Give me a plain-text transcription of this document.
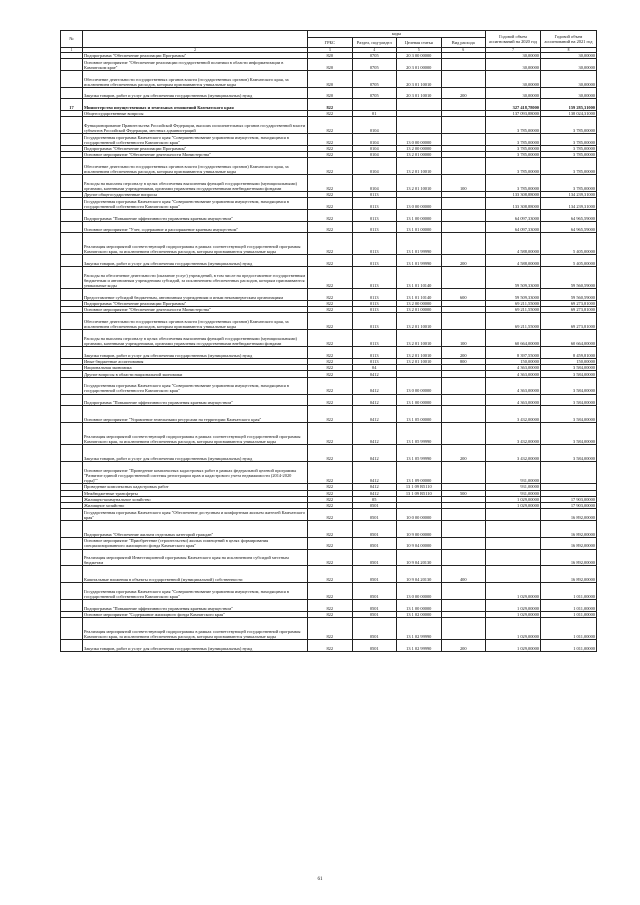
№		коды				Годовой объем ассигнований на 2020 год	Годовой объем ассигнований на 2021 год
		ГРБС	Раздел, под-раздел	Целевая статья	Вид расхода		
1	2	3	4	5	6	7	8
	Подпрограмма "Обеспечение реализации Программы"	820	0705	20 3 00 00000		30,00000	30,00000
	Основное мероприятие "Обеспечение реализации государственной политики в области информатизации в Камчатском крае"	820	0705	20 3 01 00000		30,00000	30,00000
	Обеспечение деятельности государственных органов власти (государственных органов) Камчатского края, за исключением обеспеченных расходов, которым присваиваются уникальные коды	820	0705	20 3 01 10010		30,00000	30,00000
	Закупка товаров, работ и услуг для обеспечения государственных (муниципальных) нужд	820	0705	20 3 01 10010	200	30,00000	30,00000
17	Министерство имущественных и земельных отношений Камчатского края	822				327 418,78000	159 285,31000
	Общегосударственные вопросы	822	01			137 093,88000	138 024,31000
	Функционирование Правительства Российской Федерации, высших исполнительных органов государственной власти субъектов Российской Федерации, местных администраций	822	0104			3 785,00000	3 785,00000
	Государственная программа Камчатского края "Совершенствование управления имуществом, находящимся в государственной собственности Камчатского края"	822	0104	13 0 00 00000		3 785,00000	3 785,00000
	Подпрограмма "Обеспечение реализации Программы"	822	0104	13 2 00 00000		3 785,00000	3 785,00000
	Основное мероприятие "Обеспечение деятельности Министерства"	822	0104	13 2 01 00000		3 785,00000	3 785,00000
	Обеспечение деятельности государственных органов власти (государственных органов) Камчатского края, за исключением обеспеченных расходов, которым присваиваются уникальные коды	822	0104	13 2 01 10010		3 785,00000	3 785,00000
	Расходы на выплаты персоналу в целях обеспечения выполнения функций государственными (муниципальными) органами, казенными учреждениями, органами управления государственными внебюджетными фондами	822	0104	13 2 01 10010	100	3 785,00000	3 785,00000
	Другие общегосударственные вопросы	822	0113			133 308,88000	134 239,31000
	Государственная программа Камчатского края "Совершенствование управления имуществом, находящимся в государственной собственности Камчатского края"	822	0113	13 0 00 00000		133 308,88000	134 239,31000
	Подпрограмма "Повышение эффективности управления краевым имуществом"	822	0113	13 1 00 00000		64 097,33000	64 965,59000
	Основное мероприятие "Учет, содержание и распоряжение краевым имуществом"	822	0113	13 1 01 00000		64 097,33000	64 965,59000
	Реализация мероприятий соответствующей подпрограммы в рамках соответствующей государственной программы Камчатского края, за исключением обеспеченных расходов, которым присваиваются уникальные коды	822	0113	13 1 01 99990		4 588,00000	5 405,00000
	Закупка товаров, работ и услуг для обеспечения государственных (муниципальных) нужд	822	0113	13 1 01 99990	200	4 588,00000	5 405,00000
	Расходы на обеспечение деятельности (оказание услуг) учреждений, в том числе на предоставление государственным бюджетным и автономным учреждениям субсидий, за исключением обеспеченных расходов, которым присваиваются уникальные коды	822	0113	13 1 01 10140		59 509,33000	59 560,59000
	Предоставление субсидий бюджетным, автономным учреждениям и иным некоммерческим организациям	822	0113	13 1 01 10140	600	59 509,33000	59 560,59000
	Подпрограмма "Обеспечение реализации Программы"	822	0113	13 2 00 00000		69 211,55000	69 273,81000
	Основное мероприятие "Обеспечение деятельности Министерства"	822	0113	13 2 01 00000		69 211,55000	69 273,81000
	Обеспечение деятельности государственных органов власти (государственных органов) Камчатского края, за исключением обеспеченных расходов, которым присваиваются уникальные коды	822	0113	13 2 01 10010		69 211,55000	69 273,81000
	Расходы на выплаты персоналу в целях обеспечения выполнения функций государственными (муниципальными) органами, казенными учреждениями, органами управления государственными внебюджетными фондами	822	0113	13 2 01 10010	100	60 664,00000	60 664,00000
	Закупка товаров, работ и услуг для обеспечения государственных (муниципальных) нужд	822	0113	13 2 01 10010	200	8 397,55000	8 459,81000
	Иные бюджетные ассигнования	822	0113	13 2 01 10010	800	150,00000	150,00000
	Национальная экономика	822	04			4 363,00000	3 584,00000
	Другие вопросы в области национальной экономики	822	0412			4 363,00000	3 584,00000
	Государственная программа Камчатского края "Совершенствование управления имуществом, находящимся в государственной собственности Камчатского края"	822	0412	13 0 00 00000		4 363,00000	3 584,00000
	Подпрограмма "Повышение эффективности управления краевым имуществом"	822	0412	13 1 00 00000		4 363,00000	3 584,00000
	Основное мероприятие "Управление земельными ресурсами на территории Камчатского края"	822	0412	13 1 05 00000		3 432,00000	3 584,00000
	Реализация мероприятий соответствующей подпрограммы в рамках соответствующей государственной программы Камчатского края, за исключением обеспеченных расходов, которым присваиваются уникальные коды	822	0412	13 1 05 99990		3 432,00000	3 584,00000
	Закупка товаров, работ и услуг для обеспечения государственных (муниципальных) нужд	822	0412	13 1 05 99990	200	3 432,00000	3 584,00000
	Основное мероприятие "Проведение комплексных кадастровых работ в рамках федеральной целевой программы "Развитие единой государственной системы регистрации прав и кадастрового учета недвижимости (2014-2020 годы)""	822	0412	13 1 09 00000		931,00000	
	Проведение комплексных кадастровых работ	822	0412	13 1 09 R5110		931,00000	
	Межбюджетные трансферты	822	0412	13 1 09 R5110	500	931,00000	
	Жилищно-коммунальное хозяйство	822	05			1 029,00000	17 903,00000
	Жилищное хозяйство	822	0501			1 029,00000	17 903,00000
	Государственная программа Камчатского края "Обеспечение доступным и комфортным жильем жителей Камчатского края"	822	0501	10 0 00 00000			16 892,00000
	Подпрограмма "Обеспечение жильем отдельных категорий граждан"	822	0501	10 9 00 00000			16 892,00000
	Основное мероприятие "Приобретение (строительство) жилых помещений в целях формирования специализированного жилищного фонда Камчатского края"	822	0501	10 9 04 00000			16 892,00000
	Реализация мероприятий Инвестиционной программы Камчатского края на исключением субсидий местным бюджетам	822	0501	10 9 04 20130			16 892,00000
	Капитальные вложения в объекты государственной (муниципальной) собственности	822	0501	10 9 04 20130	400		16 892,00000
	Государственная программа Камчатского края "Совершенствование управления имуществом, находящимся в государственной собственности Камчатского края"	822	0501	13 0 00 00000		1 029,00000	1 011,00000
	Подпрограмма "Повышение эффективности управления краевым имуществом"	822	0501	13 1 00 00000		1 029,00000	1 011,00000
	Основное мероприятие "Содержание жилищного фонда Камчатского края"	822	0501	13 1 02 00000		1 029,00000	1 011,00000
	Реализация мероприятий соответствующей подпрограммы в рамках соответствующей государственной программы Камчатского края, за исключением обеспеченных расходов, которым присваиваются уникальные коды	822	0501	13 1 02 99990		1 029,00000	1 011,00000
	Закупка товаров, работ и услуг для обеспечения государственных (муниципальных) нужд	822	0501	13 1 02 99990	200	1 029,00000	1 011,00000
61
